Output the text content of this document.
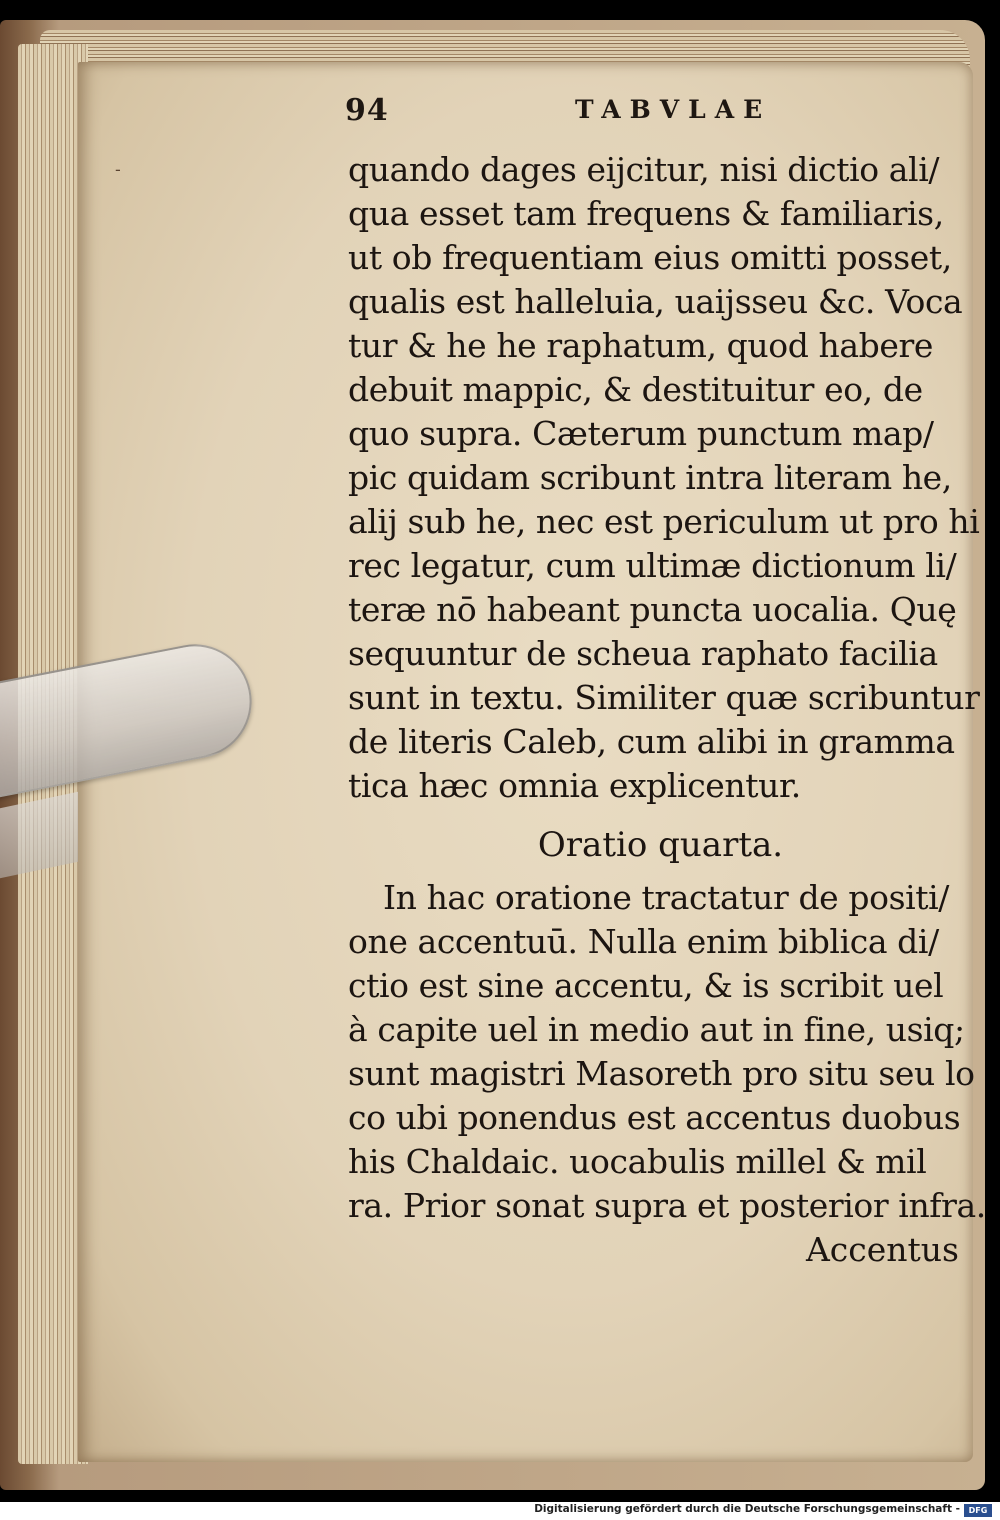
-
94	TABVLAE
quando dages eijcitur, nisi dictio ali/
qua esset tam frequens & familiaris,
ut ob frequentiam eius omitti posset,
qualis est halleluia, uaijsseu &c. Voca
tur & he he raphatum, quod habere
debuit mappic, & destituitur eo, de
quo supra. Cæterum punctum map/
pic quidam scribunt intra literam he,
alij sub he, nec est periculum ut pro hi
rec legatur, cum ultimæ dictionum li/
teræ nō habeant puncta uocalia. Quę
sequuntur de scheua raphato facilia
sunt in textu. Similiter quæ scribuntur
de literis Caleb, cum alibi in gramma
tica hæc omnia explicentur.
Oratio quarta.
In hac oratione tractatur de positi/
one accentuū. Nulla enim biblica di/
ctio est sine accentu, & is scribit uel
à capite uel in medio aut in fine, usiq;
sunt magistri Masoreth pro situ seu lo
co ubi ponendus est accentus duobus
his Chaldaic. uocabulis millel & mil
ra. Prior sonat supra et posterior infra.
Accentus
Digitalisierung gefördert durch die Deutsche Forschungsgemeinschaft -	DFG
